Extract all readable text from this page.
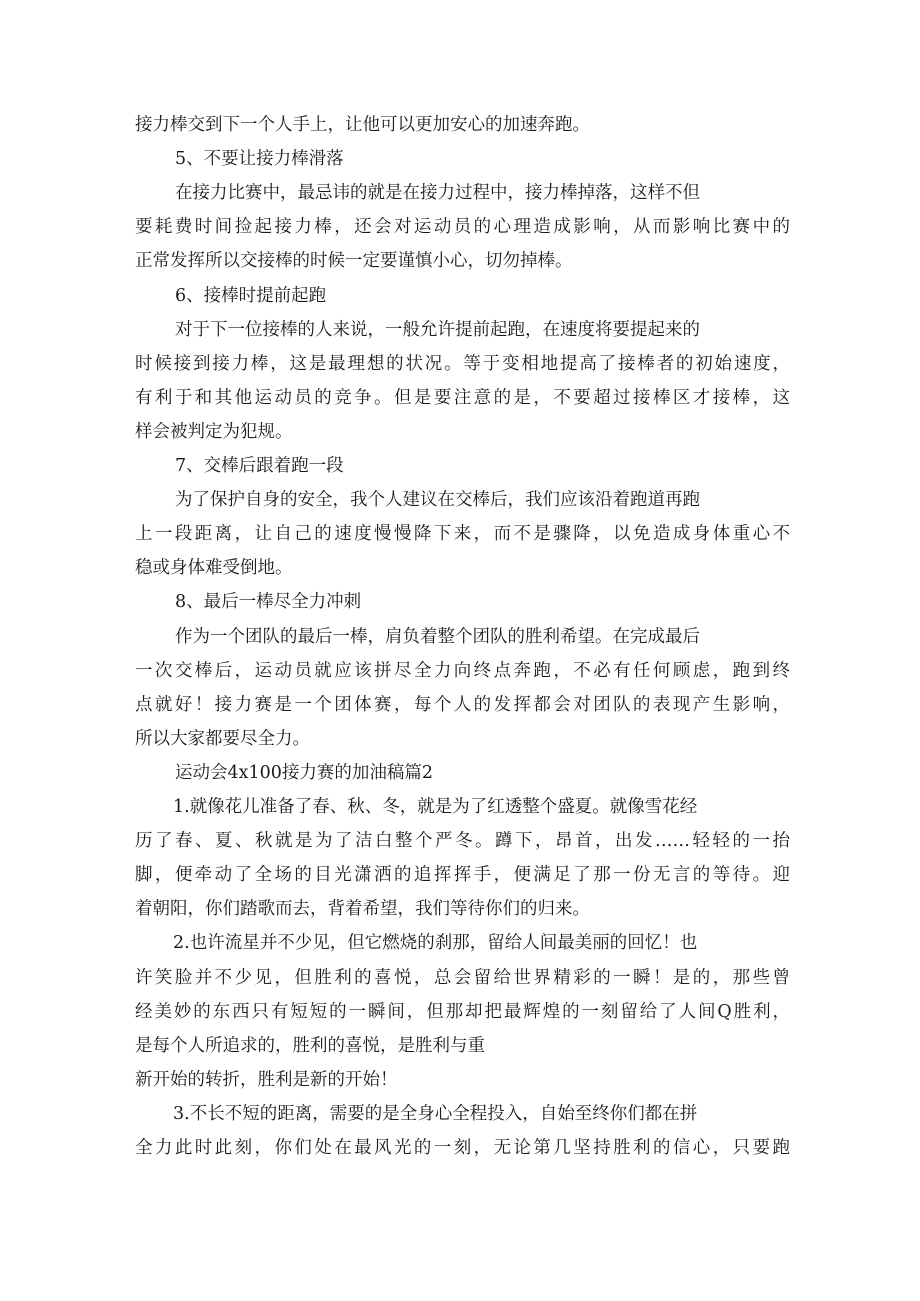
接力棒交到下一个人手上，让他可以更加安心的加速奔跑。
5、不要让接力棒滑落
在接力比赛中，最忌讳的就是在接力过程中，接力棒掉落，这样不但
要耗费时间捡起接力棒，还会对运动员的心理造成影响，从而影响比赛中的
正常发挥所以交接棒的时候一定要谨慎小心，切勿掉棒。
6、接棒时提前起跑
对于下一位接棒的人来说，一般允许提前起跑，在速度将要提起来的
时候接到接力棒，这是最理想的状况。等于变相地提高了接棒者的初始速度，
有利于和其他运动员的竞争。但是要注意的是，不要超过接棒区才接棒，这
样会被判定为犯规。
7、交棒后跟着跑一段
为了保护自身的安全，我个人建议在交棒后，我们应该沿着跑道再跑
上一段距离，让自己的速度慢慢降下来，而不是骤降，以免造成身体重心不
稳或身体难受倒地。
8、最后一棒尽全力冲刺
作为一个团队的最后一棒，肩负着整个团队的胜利希望。在完成最后
一次交棒后，运动员就应该拼尽全力向终点奔跑，不必有任何顾虑，跑到终
点就好！接力赛是一个团体赛，每个人的发挥都会对团队的表现产生影响，
所以大家都要尽全力。
运动会4x100接力赛的加油稿篇2
1.就像花儿准备了春、秋、冬，就是为了红透整个盛夏。就像雪花经
历了春、夏、秋就是为了洁白整个严冬。蹲下，昂首，出发……轻轻的一抬
脚，便牵动了全场的目光潇洒的追挥挥手，便满足了那一份无言的等待。迎
着朝阳，你们踏歌而去，背着希望，我们等待你们的归来。
2.也许流星并不少见，但它燃烧的刹那，留给人间最美丽的回忆！也
许笑脸并不少见，但胜利的喜悦，总会留给世界精彩的一瞬！是的，那些曾
经美妙的东西只有短短的一瞬间，但那却把最辉煌的一刻留给了人间Q胜利，
是每个人所追求的，胜利的喜悦，是胜利与重
新开始的转折，胜利是新的开始！
3.不长不短的距离，需要的是全身心全程投入，自始至终你们都在拼
全力此时此刻，你们处在最风光的一刻，无论第几坚持胜利的信心，只要跑
